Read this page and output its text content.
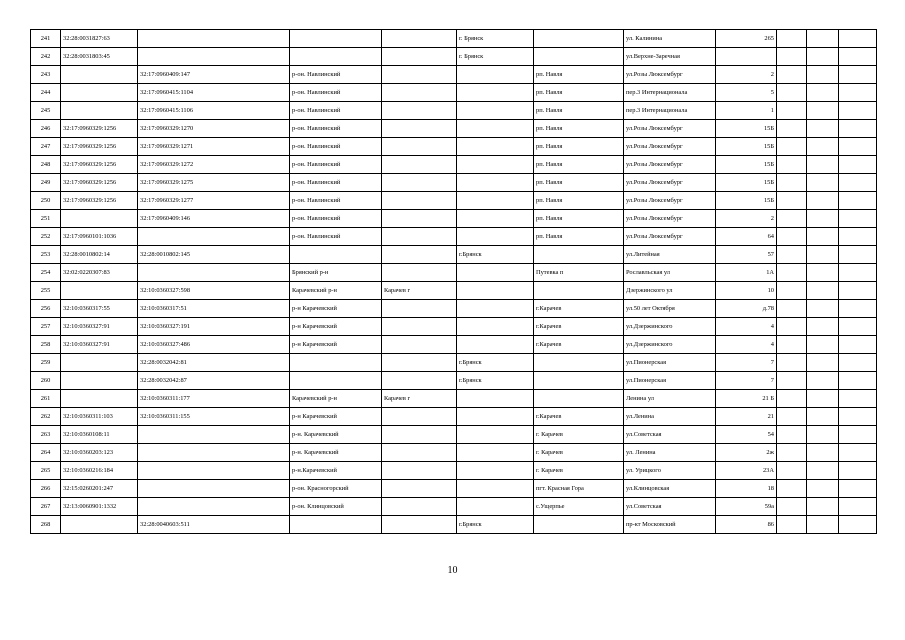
241	32:28:0031827:63				г. Брянск		ул. Калинина	265			
242	32:28:0031803:45				г. Брянск		ул.Верхне-Заречная				
243		32:17:0960409:147	р-он. Навлинский			рп. Навля	ул.Розы Люксембург	2			
244		32:17:0960415:1104	р-он. Навлинский			рп. Навля	пер.3 Интернационала	5			
245		32:17:0960415:1106	р-он. Навлинский			рп. Навля	пер.3 Интернационала	1			
246	32:17:0960329:1256	32:17:0960329:1270	р-он. Навлинский			рп. Навля	ул.Розы Люксембург	15Б			
247	32:17:0960329:1256	32:17:0960329:1271	р-он. Навлинский			рп. Навля	ул.Розы Люксембург	15Б			
248	32:17:0960329:1256	32:17:0960329:1272	р-он. Навлинский			рп. Навля	ул.Розы Люксембург	15Б			
249	32:17:0960329:1256	32:17:0960329:1275	р-он. Навлинский			рп. Навля	ул.Розы Люксембург	15Б			
250	32:17:0960329:1256	32:17:0960329:1277	р-он. Навлинский			рп. Навля	ул.Розы Люксембург	15Б			
251		32:17:0960409:146	р-он. Навлинский			рп. Навля	ул.Розы Люксембург	2			
252	32:17:0960101:1036		р-он. Навлинский			рп. Навля	ул.Розы Люксембург	64			
253	32:28:0010802:14	32:28:0010802:145			г.Брянск		ул.Литейная	57			
254	32:02:0220307:83		Брянский р-н			Путевка п	Рославльская ул	1А			
255		32:10:0360327:598	Карачевский р-н	Карачев г			Дзержинского ул	10			
256	32:10:0360317:55	32:10:0360317:51	р-н Карачевский			г.Карачев	ул.50 лет Октября	д.78			
257	32:10:0360327:91	32:10:0360327:191	р-н Карачевский			г.Карачев	ул.Дзержинского	4			
258	32:10:0360327:91	32:10:0360327:486	р-н Карачевский			г.Карачев	ул.Дзержинского	4			
259		32:28:0032042:81			г.Брянск		ул.Пионерская	7			
260		32:28:0032042:87			г.Брянск		ул.Пионерская	7			
261		32:10:0360311:177	Карачевский р-н	Карачев г			Ленина ул	21 Б			
262	32:10:0360311:103	32:10:0360311:155	р-н Карачевский			г.Карачев	ул.Ленина	21			
263	32:10:0360108:11		р-н. Карачевский			г. Карачев	ул.Советская	54			
264	32:10:0360203:123		р-н. Карачевский			г. Карачев	ул. Ленина	2ж			
265	32:10:0360216:184		р-н.Карачевский			г. Карачев	ул. Урицкого	23А			
266	32:15:0260201:247		р-он. Красногорский			пгт. Красная Гора	ул.Клинцовская	18			
267	32:13:0060901:1332		р-он. Клинцовский			с.Ущерпье	ул.Советская	59а			
268		32:28:0040603:511			г.Брянск		пр-кт Московский	86			
10
